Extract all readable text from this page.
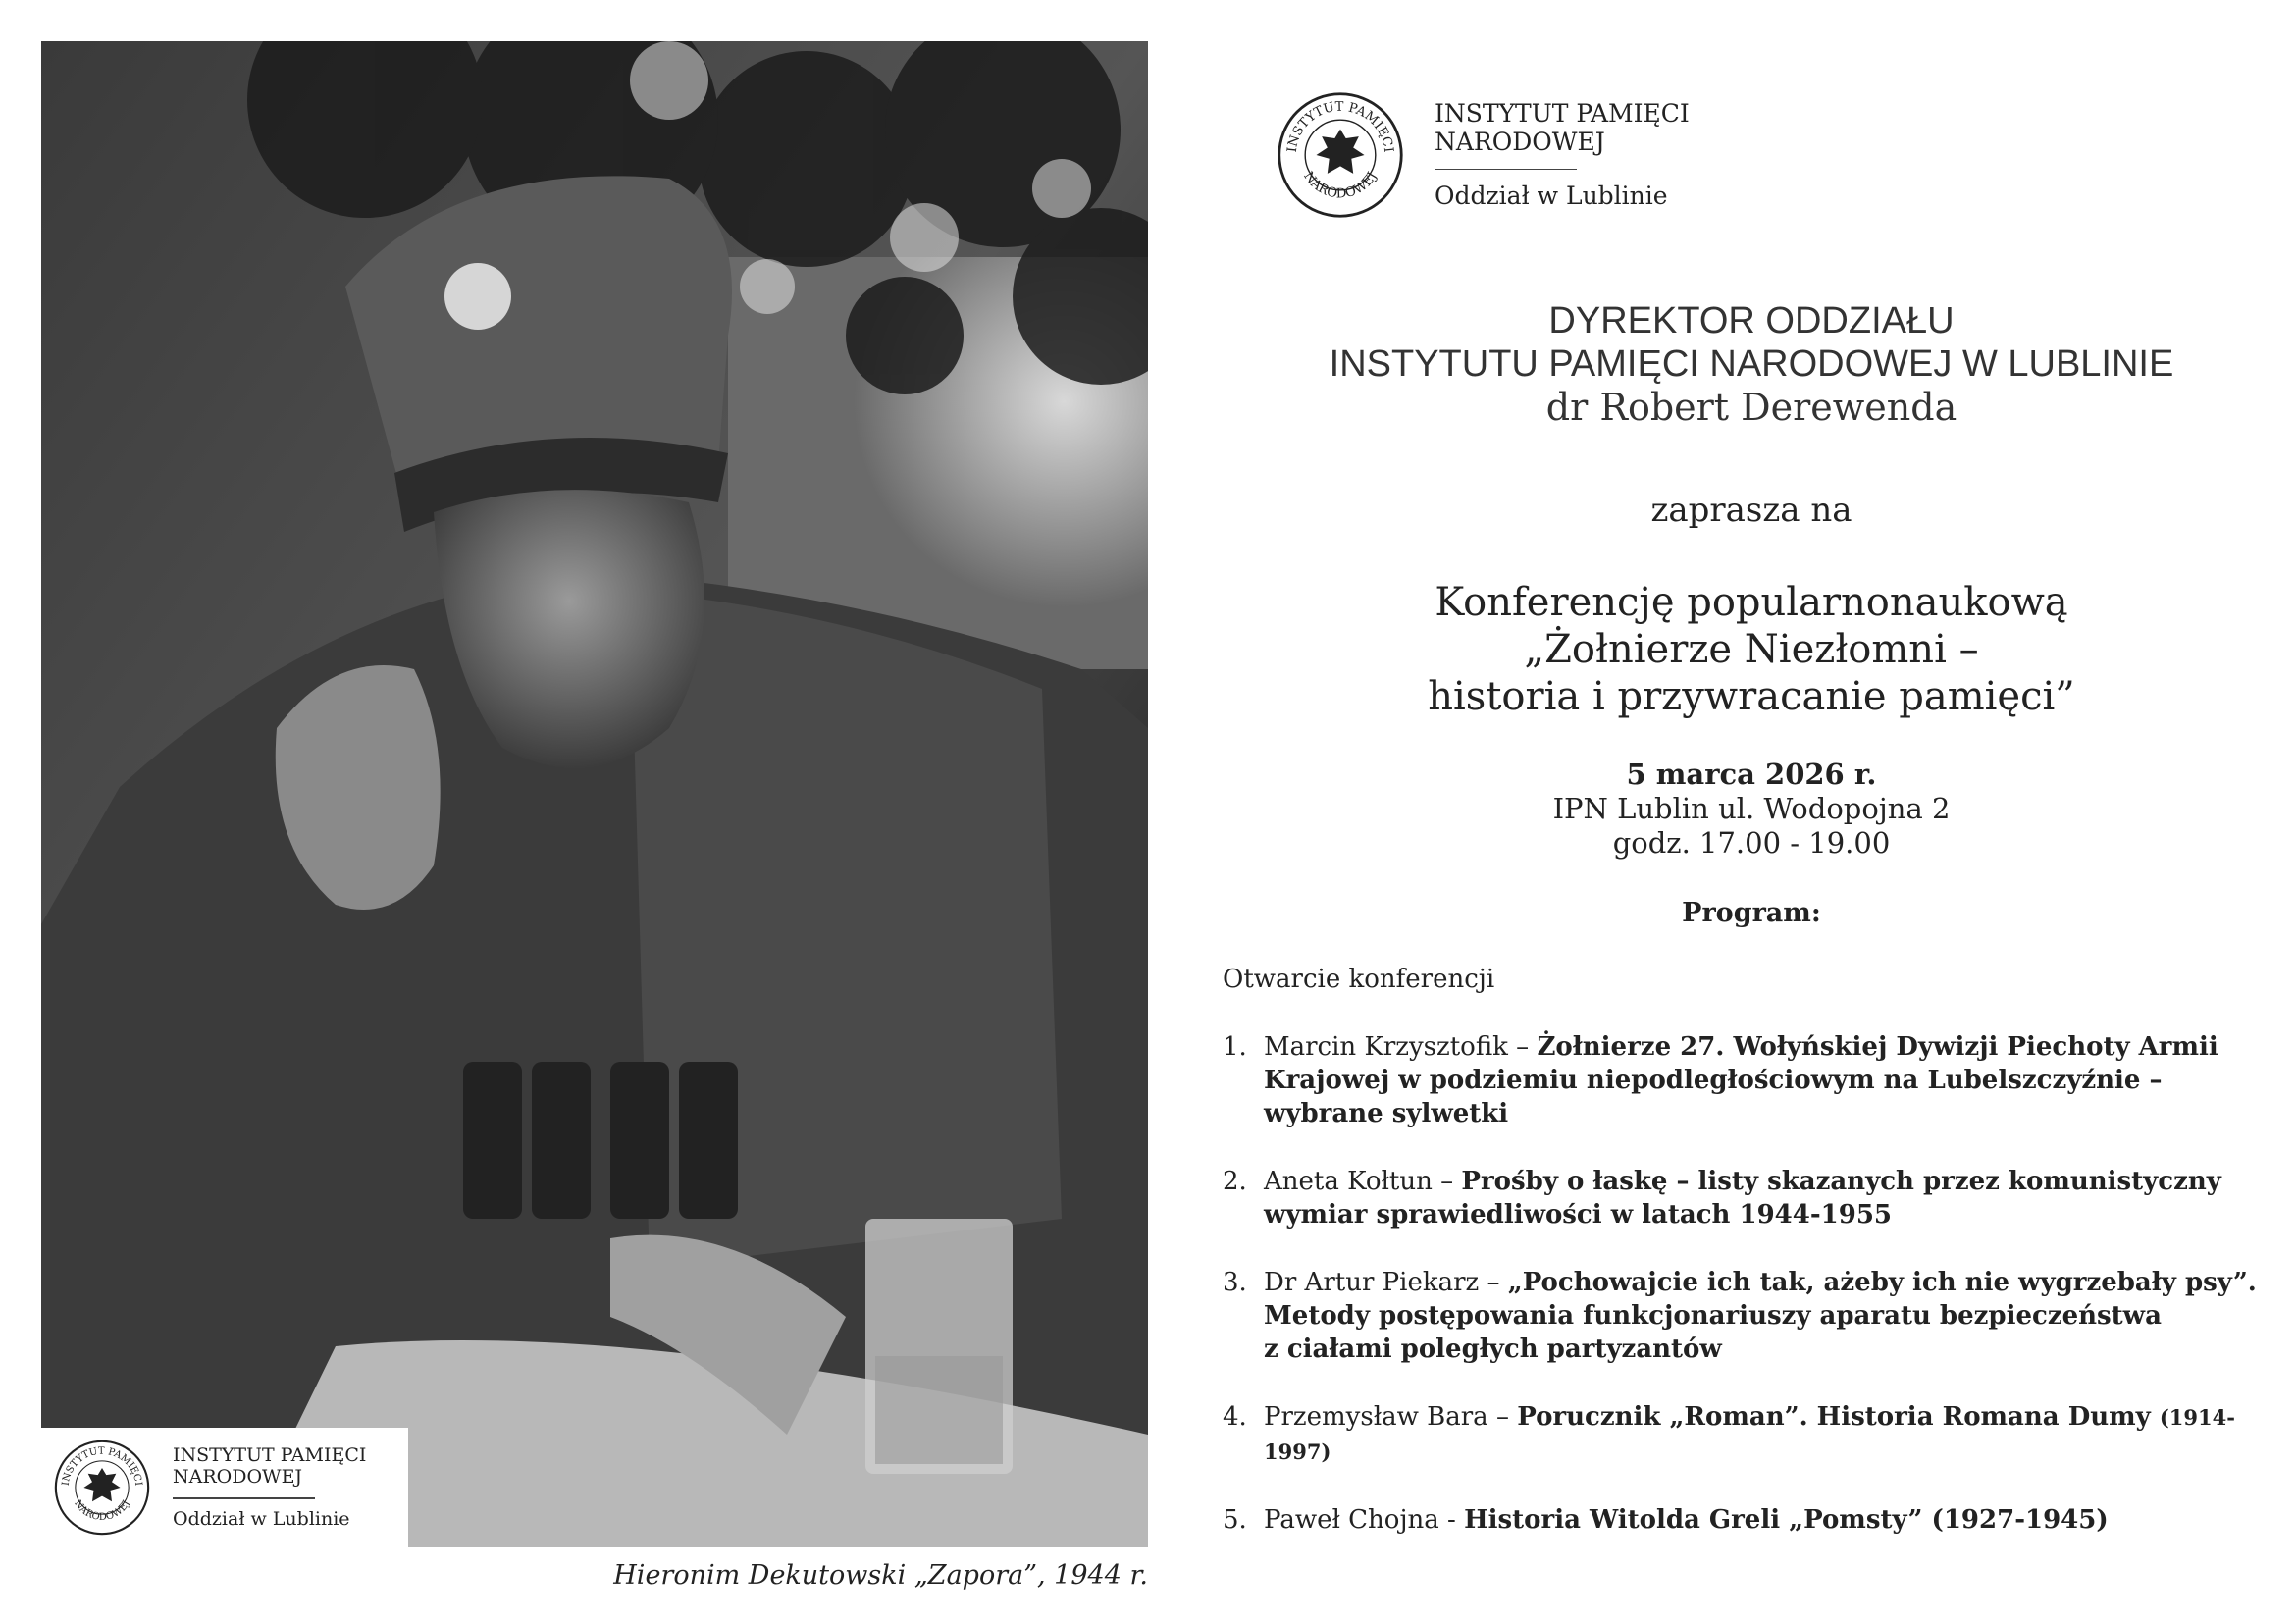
INSTYTUT PAMIĘCI
NARODOWEJ
INSTYTUT PAMIĘCI
NARODOWEJ
Oddział w Lublinie
Hieronim Dekutowski „Zapora”, 1944 r.
INSTYTUT PAMIĘCI
NARODOWEJ
INSTYTUT PAMIĘCI
NARODOWEJ
Oddział w Lublinie
DYREKTOR ODDZIAŁU
INSTYTUTU PAMIĘCI NARODOWEJ W LUBLINIE
dr Robert Derewenda
zaprasza na
Konferencję popularnonaukową
„Żołnierze Niezłomni –
historia i przywracanie pamięci”
5 marca 2026 r.
IPN Lublin ul. Wodopojna 2
godz. 17.00 - 19.00
Program:
Otwarcie konferencji
1. Marcin Krzysztofik – Żołnierze 27. Wołyńskiej Dywizji Piechoty Armii
Krajowej w podziemiu niepodległościowym na Lubelszczyźnie –
wybrane sylwetki
2. Aneta Kołtun – Prośby o łaskę – listy skazanych przez komunistyczny
wymiar sprawiedliwości w latach 1944-1955
3. Dr Artur Piekarz – „Pochowajcie ich tak, ażeby ich nie wygrzebały psy”.
Metody postępowania funkcjonariuszy aparatu bezpieczeństwa
z ciałami poległych partyzantów
4. Przemysław Bara – Porucznik „Roman”. Historia Romana Dumy (1914-1997)
5. Paweł Chojna - Historia Witolda Greli „Pomsty” (1927-1945)
